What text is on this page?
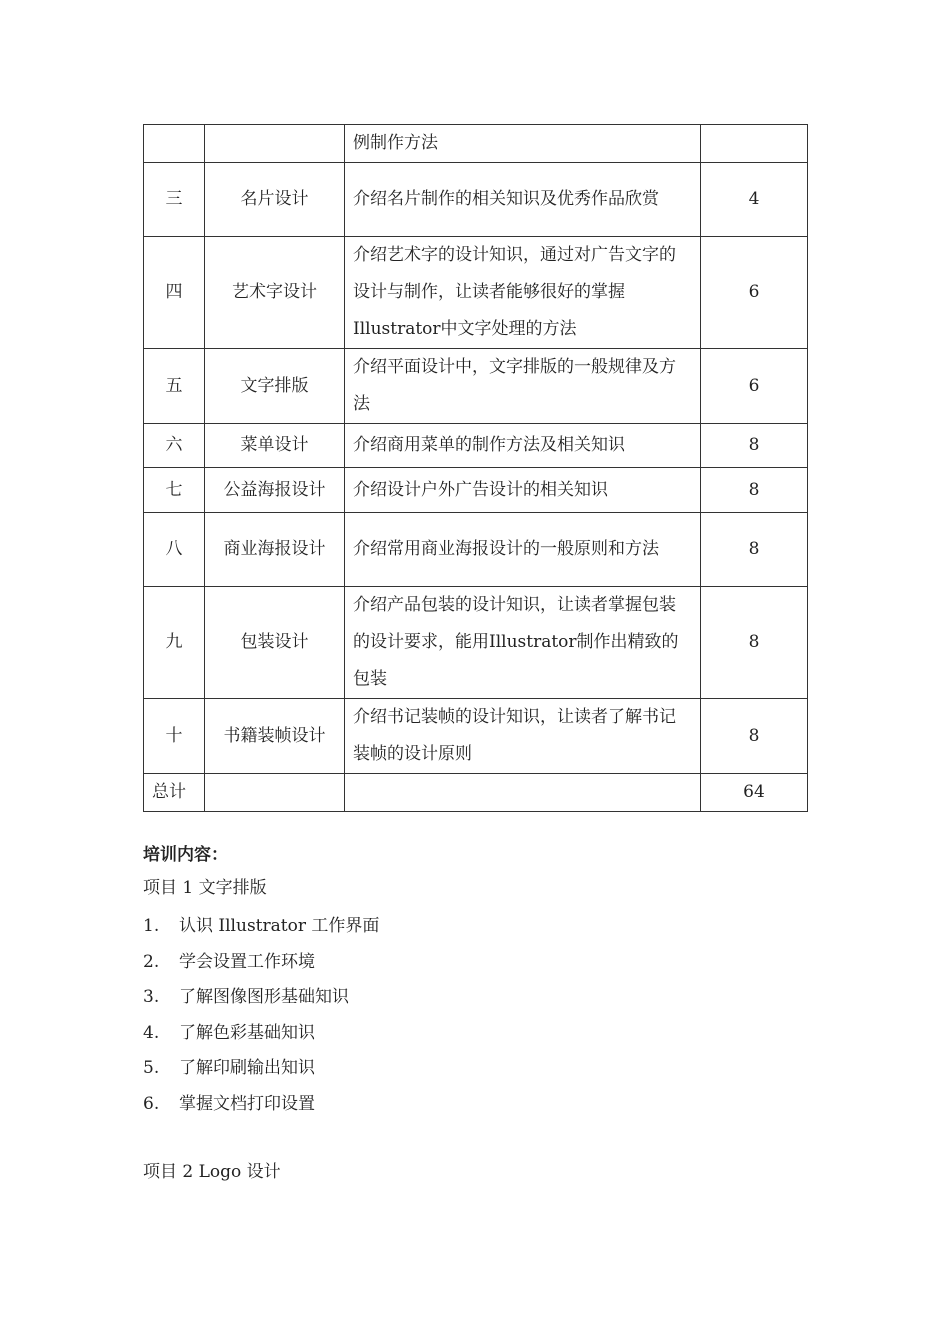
		例制作方法	
三	名片设计	介绍名片制作的相关知识及优秀作品欣赏	4
四	艺术字设计	介绍艺术字的设计知识，通过对广告文字的设计与制作，让读者能够很好的掌握Illustrator中文字处理的方法	6
五	文字排版	介绍平面设计中，文字排版的一般规律及方法	6
六	菜单设计	介绍商用菜单的制作方法及相关知识	8
七	公益海报设计	介绍设计户外广告设计的相关知识	8
八	商业海报设计	介绍常用商业海报设计的一般原则和方法	8
九	包装设计	介绍产品包装的设计知识，让读者掌握包装的设计要求，能用Illustrator制作出精致的包装	8
十	书籍装帧设计	介绍书记装帧的设计知识，让读者了解书记装帧的设计原则	8
总计			64
培训内容：
项目 1 文字排版
1.	认识 Illustrator 工作界面
2.	学会设置工作环境
3.	了解图像图形基础知识
4.	了解色彩基础知识
5.	了解印刷输出知识
6.	掌握文档打印设置
项目 2 Logo 设计
